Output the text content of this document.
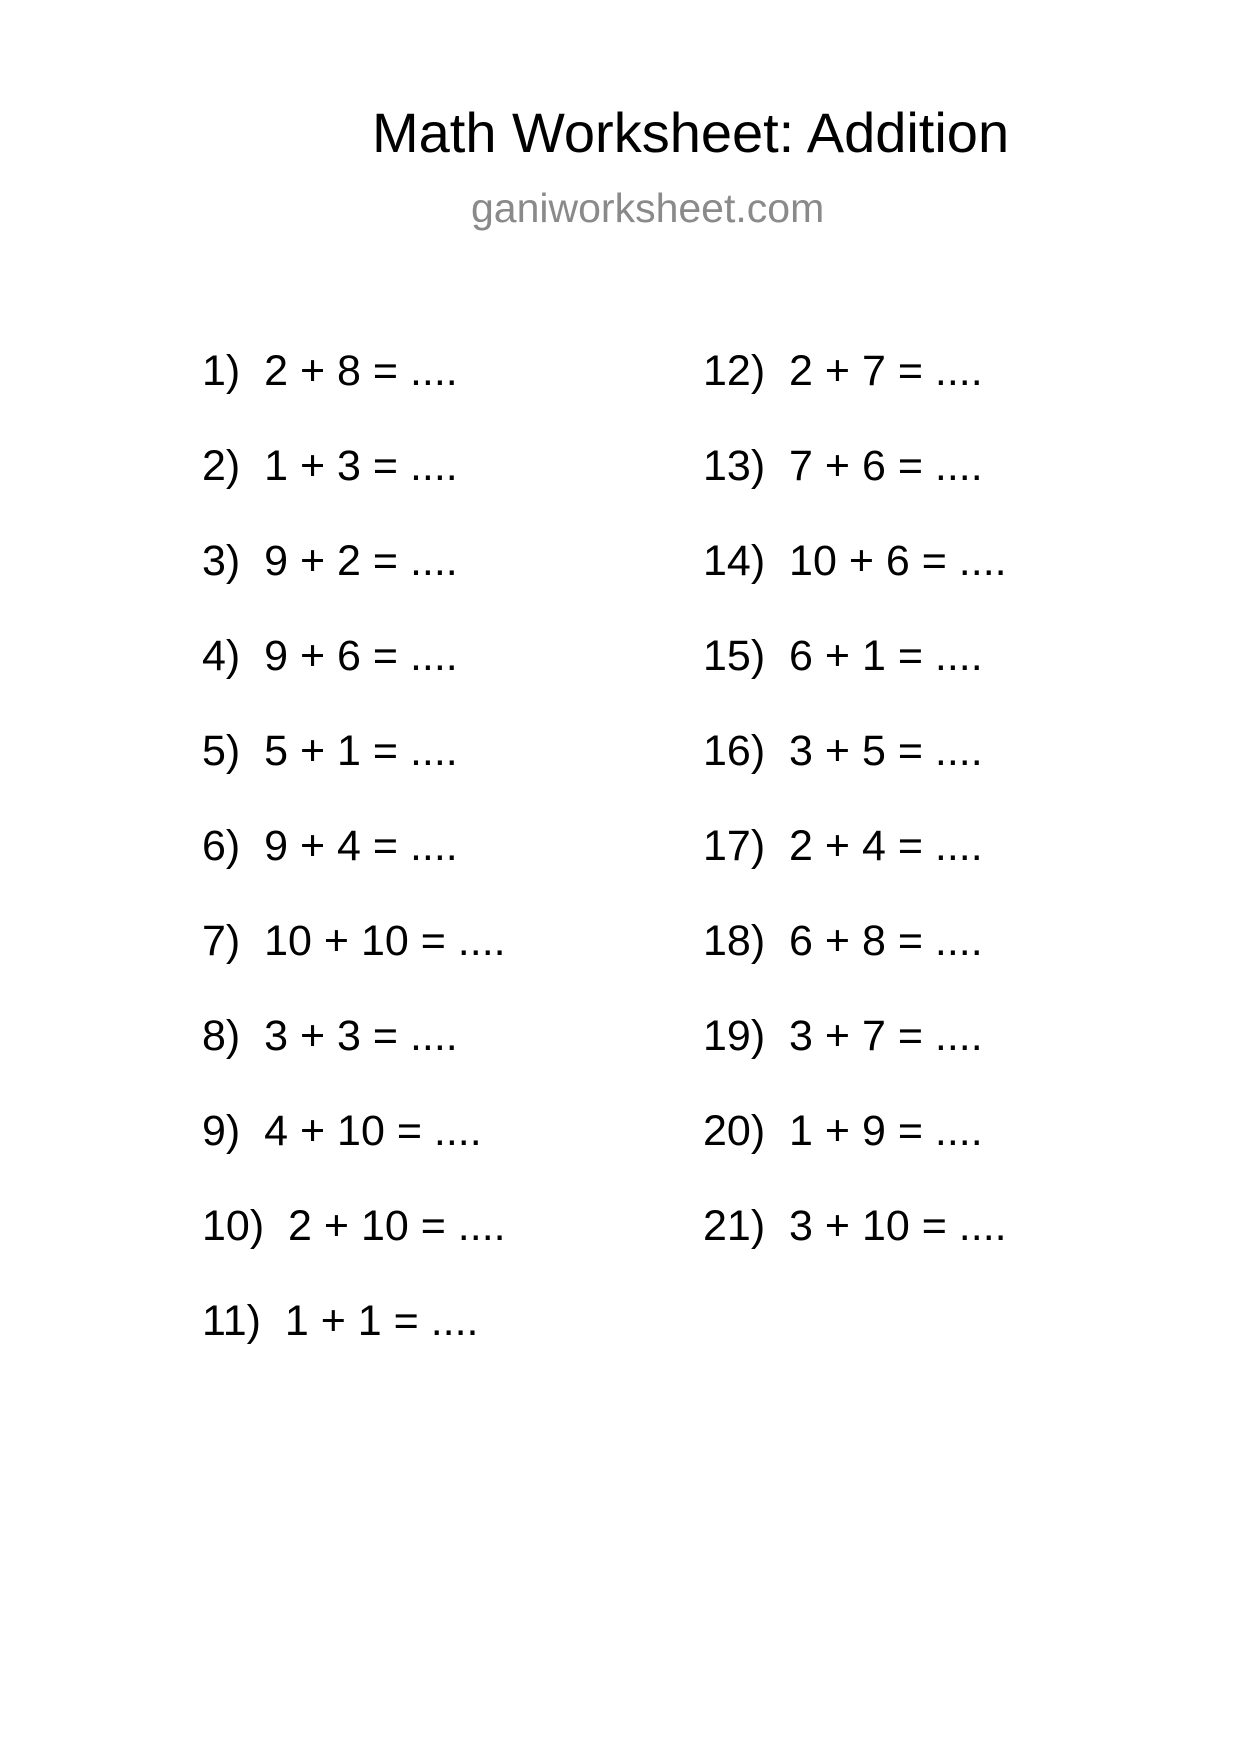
Math Worksheet: Addition
ganiworksheet.com
1)  2 + 8 = ....
2)  1 + 3 = ....
3)  9 + 2 = ....
4)  9 + 6 = ....
5)  5 + 1 = ....
6)  9 + 4 = ....
7)  10 + 10 = ....
8)  3 + 3 = ....
9)  4 + 10 = ....
10)  2 + 10 = ....
11)  1 + 1 = ....
12)  2 + 7 = ....
13)  7 + 6 = ....
14)  10 + 6 = ....
15)  6 + 1 = ....
16)  3 + 5 = ....
17)  2 + 4 = ....
18)  6 + 8 = ....
19)  3 + 7 = ....
20)  1 + 9 = ....
21)  3 + 10 = ....
